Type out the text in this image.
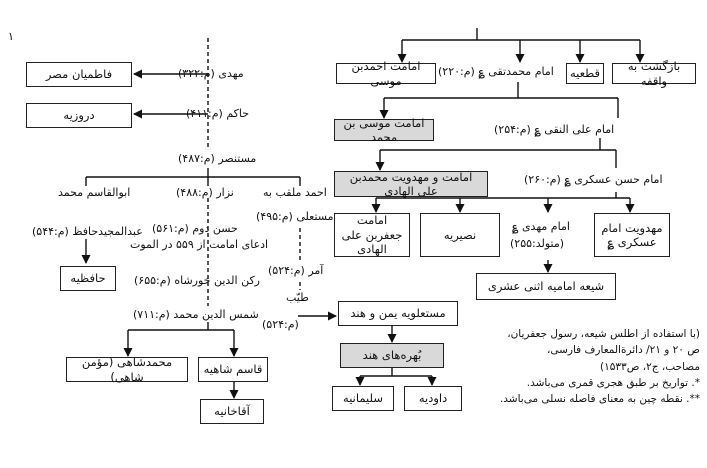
۱
مهدی (م:۳۲۲)
فاطمیان مصر
حاکم (م:۴۱۱)
دروزیه
مستنصر (م:۴۸۷)
ابوالقاسم محمد
عبدالمجیدحافظ (م:۵۴۴)
حافظیه
نزار (م:۴۸۸)
حسن دوم (م:۵۶۱)
ادعای امامت از ۵۵۹ در الموت
رکن الدین خورشاه (م:۶۵۵)
شمس الدین محمد (م:۷۱۱)
احمد ملقب به
مستعلی (م:۴۹۵)
آمر (م:۵۲۴)
طیّب
(م:۵۲۴)
مستعلویه یمن و هند
بُهره‌های هند
سلیمانیه	داودیه
قاسم شاهیه
محمدشاهی (مؤمن شاهی)
آقاخانیه
بازگشت به واقفه
قطعیه
امام محمدتقی ؏ (م:۲۲۰)
امامت احمدبن موسی
امام علی النقی ؏ (م:۲۵۴)
امامت موسی بن محمد
امام حسن عسکری ؏ (م:۲۶۰)
امامت و مهدویت محمدبن علی الهادی
امامت جعفربن علی الهادی
نصیریه
امام مهدی ؏
(متولد:۲۵۵)
مهدویت امام عسکری ؏
شیعه امامیه اثنی عشری
(با استفاده از اطلس شیعه، رسول جعفریان،
ص ۲۰ و ۲۱/ دائرةالمعارف فارسی،
مصاحب، ج۲، ص۱۵۳۳)
*. تواریخ بر طبق هجری قمری می‌باشد.
**. نقطه چین به معنای فاصله نسلی می‌باشد.
